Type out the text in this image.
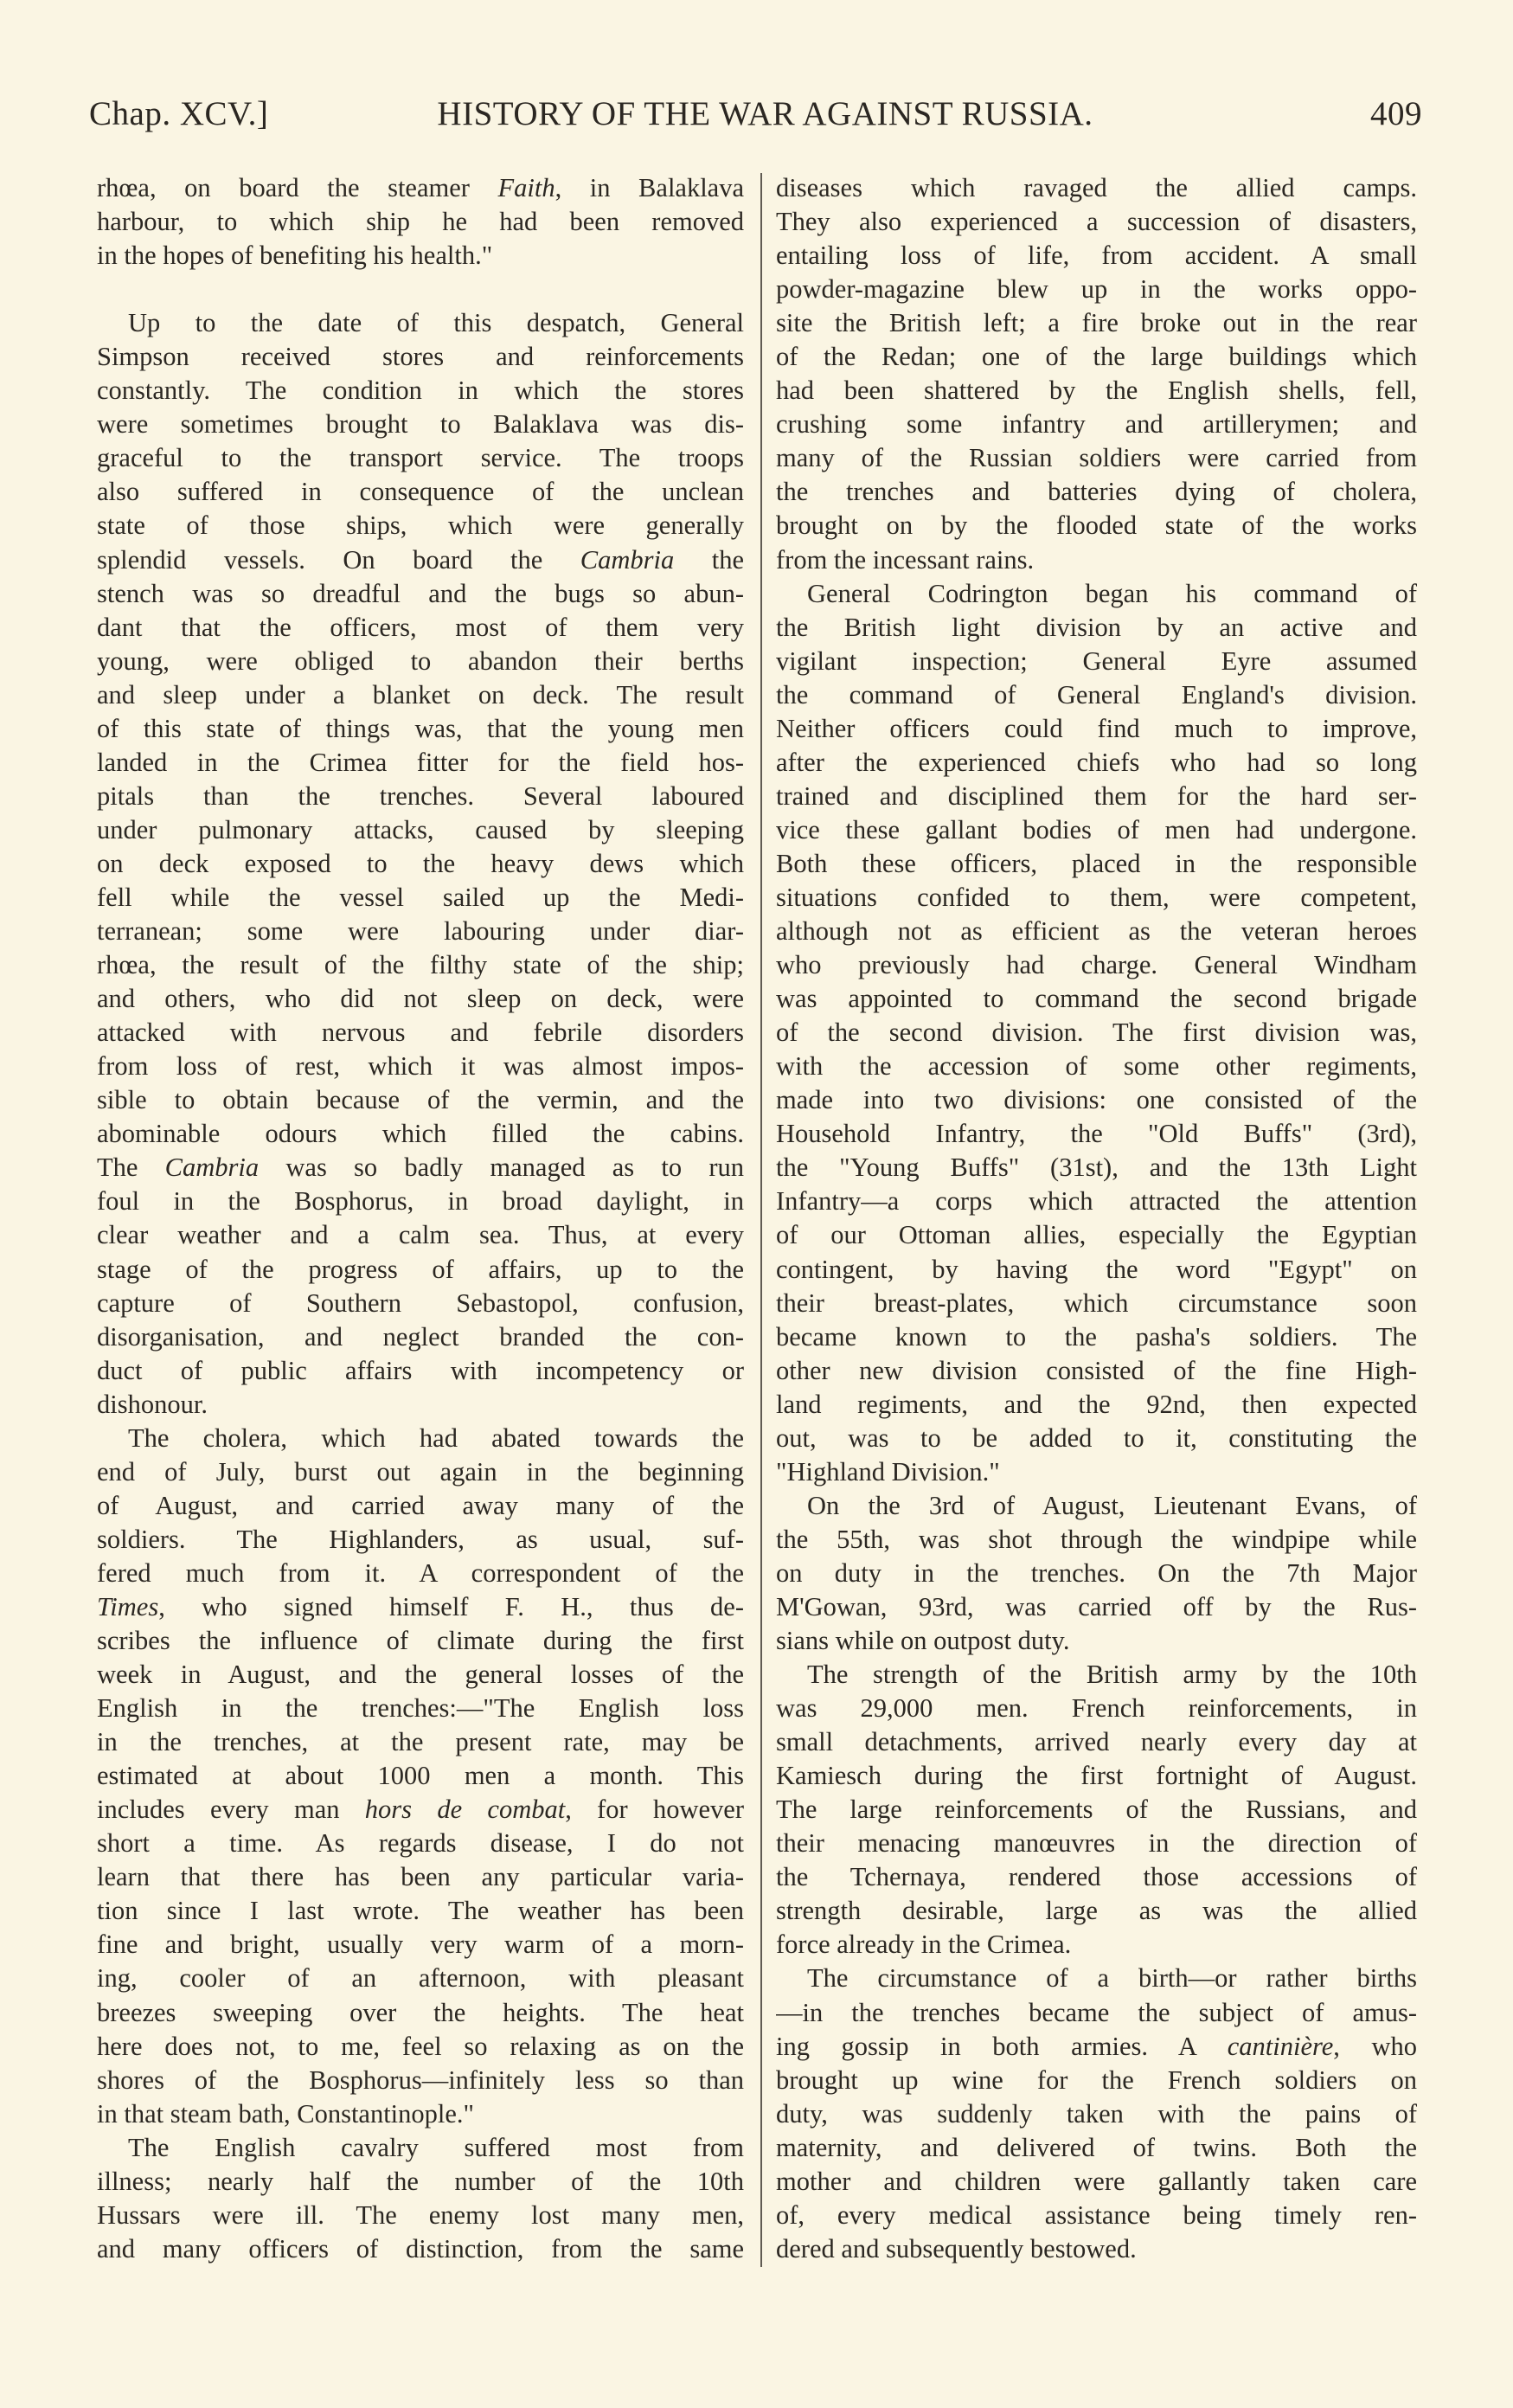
Chap. XCV.]	HISTORY OF THE WAR AGAINST RUSSIA.	409
rhœa, on board the steamer Faith, in Balaklava
harbour, to which ship he had been removed
in the hopes of benefiting his health."
Up to the date of this despatch, General
Simpson received stores and reinforcements
constantly. The condition in which the stores
were sometimes brought to Balaklava was dis-
graceful to the transport service. The troops
also suffered in consequence of the unclean
state of those ships, which were generally
splendid vessels. On board the Cambria the
stench was so dreadful and the bugs so abun-
dant that the officers, most of them very
young, were obliged to abandon their berths
and sleep under a blanket on deck. The result
of this state of things was, that the young men
landed in the Crimea fitter for the field hos-
pitals than the trenches. Several laboured
under pulmonary attacks, caused by sleeping
on deck exposed to the heavy dews which
fell while the vessel sailed up the Medi-
terranean; some were labouring under diar-
rhœa, the result of the filthy state of the ship;
and others, who did not sleep on deck, were
attacked with nervous and febrile disorders
from loss of rest, which it was almost impos-
sible to obtain because of the vermin, and the
abominable odours which filled the cabins.
The Cambria was so badly managed as to run
foul in the Bosphorus, in broad daylight, in
clear weather and a calm sea. Thus, at every
stage of the progress of affairs, up to the
capture of Southern Sebastopol, confusion,
disorganisation, and neglect branded the con-
duct of public affairs with incompetency or
dishonour.
The cholera, which had abated towards the
end of July, burst out again in the beginning
of August, and carried away many of the
soldiers. The Highlanders, as usual, suf-
fered much from it. A correspondent of the
Times, who signed himself F. H., thus de-
scribes the influence of climate during the first
week in August, and the general losses of the
English in the trenches:—"The English loss
in the trenches, at the present rate, may be
estimated at about 1000 men a month. This
includes every man hors de combat, for however
short a time. As regards disease, I do not
learn that there has been any particular varia-
tion since I last wrote. The weather has been
fine and bright, usually very warm of a morn-
ing, cooler of an afternoon, with pleasant
breezes sweeping over the heights. The heat
here does not, to me, feel so relaxing as on the
shores of the Bosphorus—infinitely less so than
in that steam bath, Constantinople."
The English cavalry suffered most from
illness; nearly half the number of the 10th
Hussars were ill. The enemy lost many men,
and many officers of distinction, from the same
diseases which ravaged the allied camps.
They also experienced a succession of disasters,
entailing loss of life, from accident. A small
powder-magazine blew up in the works oppo-
site the British left; a fire broke out in the rear
of the Redan; one of the large buildings which
had been shattered by the English shells, fell,
crushing some infantry and artillerymen; and
many of the Russian soldiers were carried from
the trenches and batteries dying of cholera,
brought on by the flooded state of the works
from the incessant rains.
General Codrington began his command of
the British light division by an active and
vigilant inspection; General Eyre assumed
the command of General England's division.
Neither officers could find much to improve,
after the experienced chiefs who had so long
trained and disciplined them for the hard ser-
vice these gallant bodies of men had undergone.
Both these officers, placed in the responsible
situations confided to them, were competent,
although not as efficient as the veteran heroes
who previously had charge. General Windham
was appointed to command the second brigade
of the second division. The first division was,
with the accession of some other regiments,
made into two divisions: one consisted of the
Household Infantry, the "Old Buffs" (3rd),
the "Young Buffs" (31st), and the 13th Light
Infantry—a corps which attracted the attention
of our Ottoman allies, especially the Egyptian
contingent, by having the word "Egypt" on
their breast-plates, which circumstance soon
became known to the pasha's soldiers. The
other new division consisted of the fine High-
land regiments, and the 92nd, then expected
out, was to be added to it, constituting the
"Highland Division."
On the 3rd of August, Lieutenant Evans, of
the 55th, was shot through the windpipe while
on duty in the trenches. On the 7th Major
M'Gowan, 93rd, was carried off by the Rus-
sians while on outpost duty.
The strength of the British army by the 10th
was 29,000 men. French reinforcements, in
small detachments, arrived nearly every day at
Kamiesch during the first fortnight of August.
The large reinforcements of the Russians, and
their menacing manœuvres in the direction of
the Tchernaya, rendered those accessions of
strength desirable, large as was the allied
force already in the Crimea.
The circumstance of a birth—or rather births
—in the trenches became the subject of amus-
ing gossip in both armies. A cantinière, who
brought up wine for the French soldiers on
duty, was suddenly taken with the pains of
maternity, and delivered of twins. Both the
mother and children were gallantly taken care
of, every medical assistance being timely ren-
dered and subsequently bestowed.
